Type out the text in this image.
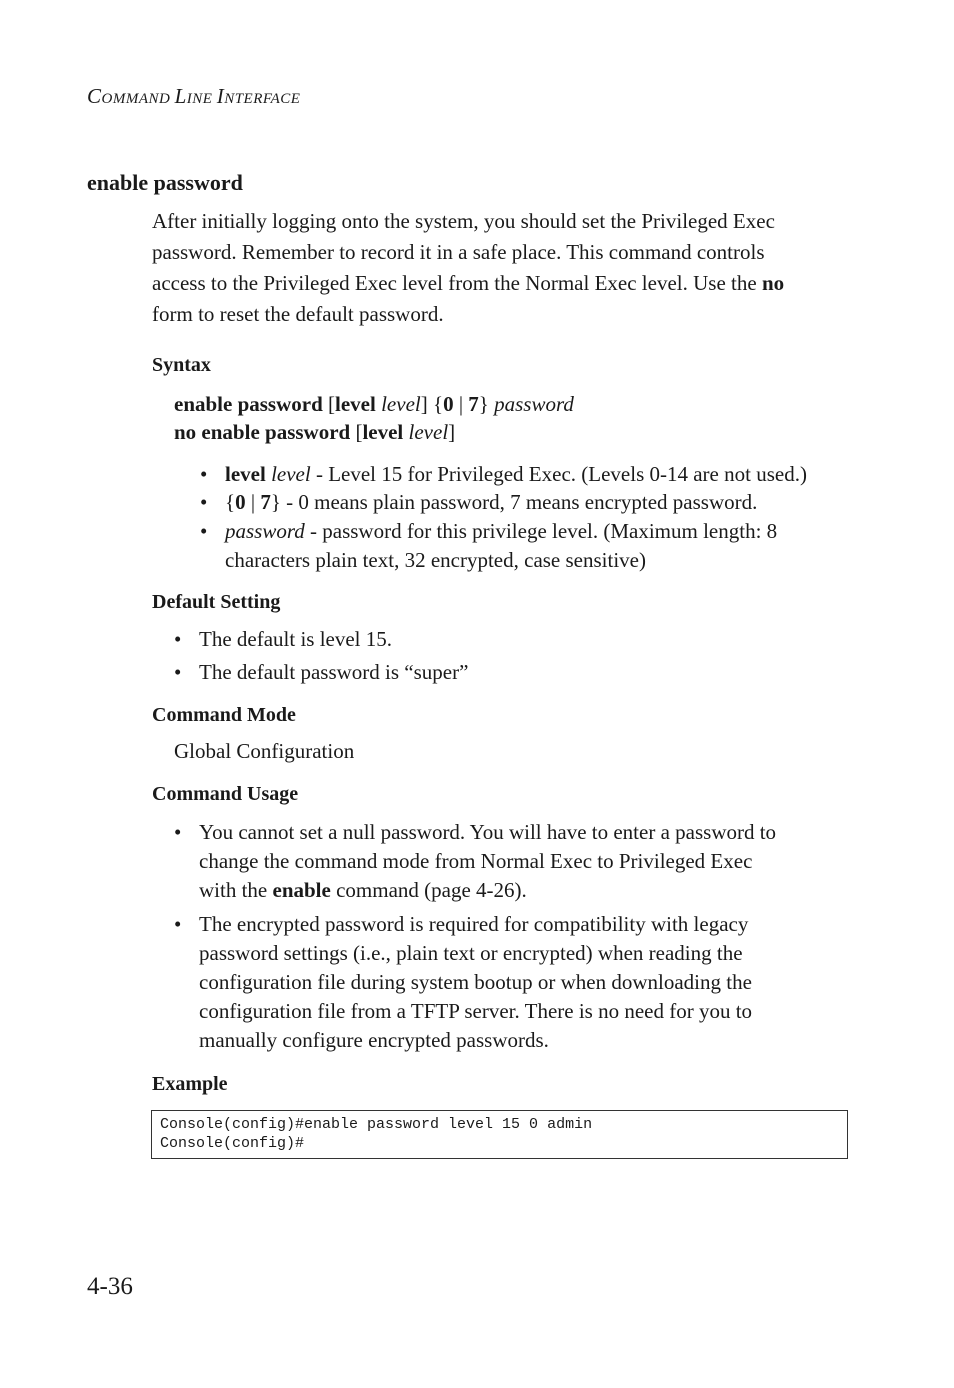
COMMAND LINE INTERFACE
enable password
After initially logging onto the system, you should set the Privileged Exec
password. Remember to record it in a safe place. This command controls
access to the Privileged Exec level from the Normal Exec level. Use the no
form to reset the default password.
Syntax
enable password [level level] {0 | 7} password
no enable password [level level]
• level level - Level 15 for Privileged Exec. (Levels 0-14 are not used.)
• {0 | 7} - 0 means plain password, 7 means encrypted password.
• password - password for this privilege level. (Maximum length: 8
characters plain text, 32 encrypted, case sensitive)
Default Setting
• The default is level 15.
• The default password is “super”
Command Mode
Global Configuration
Command Usage
• You cannot set a null password. You will have to enter a password to
change the command mode from Normal Exec to Privileged Exec
with the enable command (page 4-26).
• The encrypted password is required for compatibility with legacy
password settings (i.e., plain text or encrypted) when reading the
configuration file during system bootup or when downloading the
configuration file from a TFTP server. There is no need for you to
manually configure encrypted passwords.
Example
Console(config)#enable password level 15 0 admin
Console(config)#
4-36
